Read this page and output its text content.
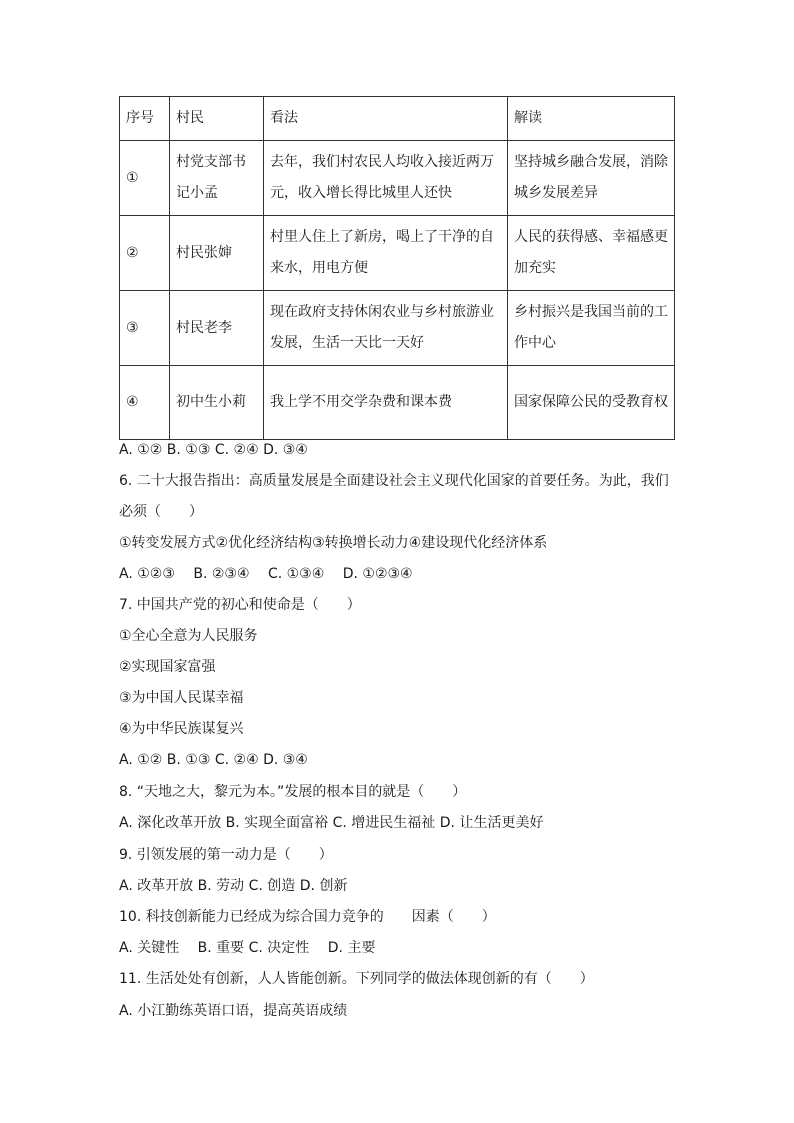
序号	村民	看法	解读
①	村党支部书记小孟	去年，我们村农民人均收入接近两万元，收入增长得比城里人还快	坚持城乡融合发展，消除城乡发展差异
②	村民张婶	村里人住上了新房，喝上了干净的自来水，用电方便	人民的获得感、幸福感更加充实
③	村民老李	现在政府支持休闲农业与乡村旅游业发展，生活一天比一天好	乡村振兴是我国当前的工作中心
④	初中生小莉	我上学不用交学杂费和课本费	国家保障公民的受教育权
A. ①② B. ①③ C. ②④ D. ③④
6. 二十大报告指出：高质量发展是全面建设社会主义现代化国家的首要任务。为此，我们
必须（　　）
①转变发展方式②优化经济结构③转换增长动力④建设现代化经济体系
A. ①②③　 B. ②③④　 C. ①③④　 D. ①②③④
7. 中国共产党的初心和使命是（　　）
①全心全意为人民服务
②实现国家富强
③为中国人民谋幸福
④为中华民族谋复兴
A. ①② B. ①③ C. ②④ D. ③④
8. “天地之大，黎元为本。”发展的根本目的就是（　　）
A. 深化改革开放 B. 实现全面富裕 C. 增进民生福祉 D. 让生活更美好
9. 引领发展的第一动力是（　　）
A. 改革开放 B. 劳动 C. 创造 D. 创新
10. 科技创新能力已经成为综合国力竞争的　　因素（　　）
A. 关键性　 B. 重要 C. 决定性　 D. 主要
11. 生活处处有创新，人人皆能创新。下列同学的做法体现创新的有（　　）
A. 小江勤练英语口语，提高英语成绩
